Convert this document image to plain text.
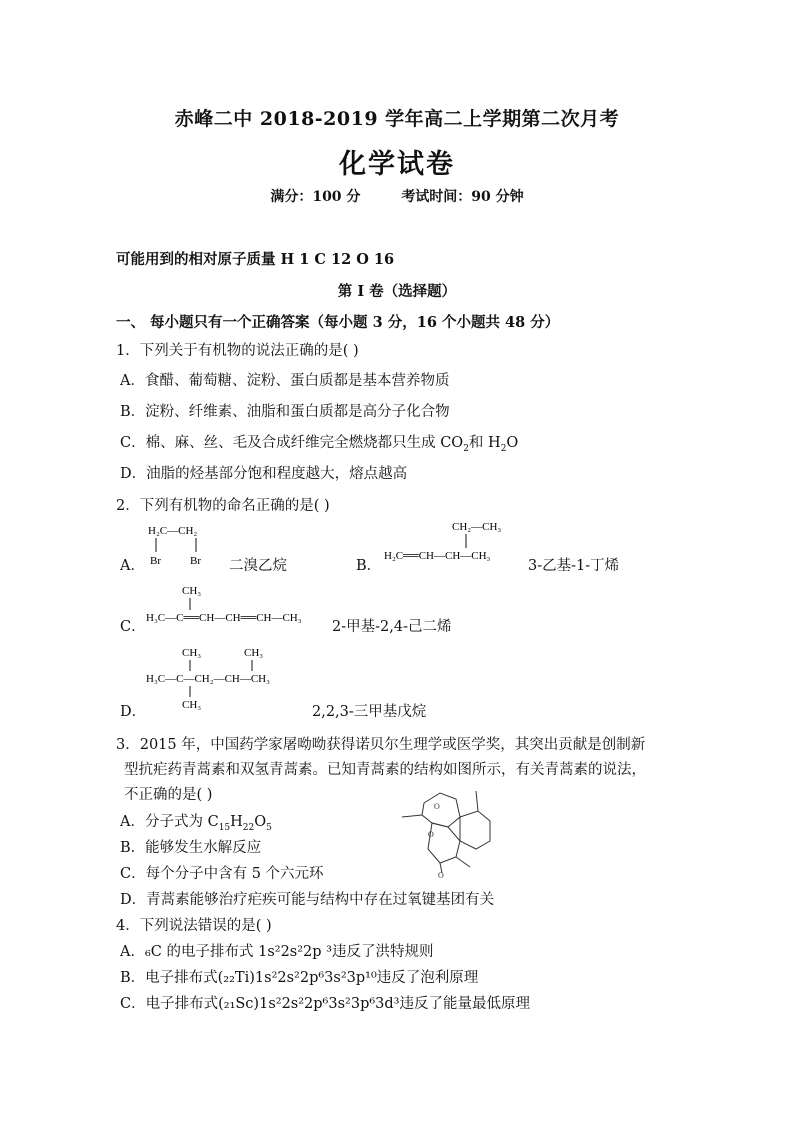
赤峰二中 2018-2019 学年高二上学期第二次月考
化学试卷
满分：100 分	考试时间：90 分钟
可能用到的相对原子质量 H 1 C 12 O 16
第 I 卷（选择题）
一、 每小题只有一个正确答案（每小题 3 分，16 个小题共 48 分）
1．下列关于有机物的说法正确的是( )
A．食醋、葡萄糖、淀粉、蛋白质都是基本营养物质
B．淀粉、纤维素、油脂和蛋白质都是高分子化合物
C．棉、麻、丝、毛及合成纤维完全燃烧都只生成 $CO_2$和 $H_2O$
D．油脂的烃基部分饱和程度越大，熔点越高
2．下列有机物的命名正确的是( )
A．
H₂C—CH₂
Br	Br 二溴乙烷	B．
CH₂—CH₃
H₂C══CH—CH—CH₃
3-乙基-1-丁烯
C．
CH₃
H₃C—C══CH—CH══CH—CH₃
2-甲基-2,4-己二烯
CH₃	CH₃
H₃C—C—CH₂—CH—CH₃
CH₃
D．	2,2,3-三甲基戊烷
3．2015 年，中国药学家屠呦呦获得诺贝尔生理学或医学奖，其突出贡献是创制新
型抗疟药青蒿素和双氢青蒿素。已知青蒿素的结构如图所示，有关青蒿素的说法，
不正确的是( )
A．分子式为 $C_{15}H_{22}O_5$
B．能够发生水解反应
C．每个分子中含有 5 个六元环
D．青蒿素能够治疗疟疾可能与结构中存在过氧键基团有关
O
O
O
4．下列说法错误的是( )
A．₆C 的电子排布式 1s²2s²2p ³违反了洪特规则
B．电子排布式(₂₂Ti)1s²2s²2p⁶3s²3p¹⁰违反了泡利原理
C．电子排布式(₂₁Sc)1s²2s²2p⁶3s²3p⁶3d³违反了能量最低原理
